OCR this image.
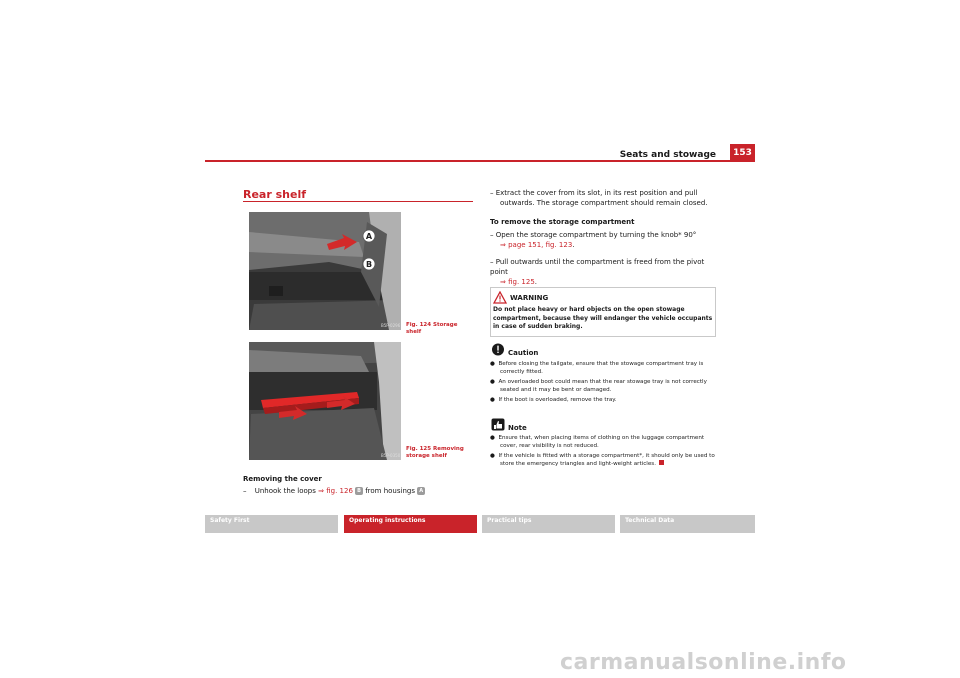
Seats and stowage	153
Rear shelf
A
B
B5P-0296 Fig. 124 Storage shelf
B5P-0350
Fig. 125 Removing storage shelf
Removing the cover
– Unhook the loops ⇒ fig. 126 B from housings A
– Extract the cover from its slot, in its rest position and pull
outwards. The storage compartment should remain closed.
To remove the storage compartment
– Open the storage compartment by turning the knob* 90°
⇒ page 151, fig. 123.
– Pull outwards until the compartment is freed from the pivot point
⇒ fig. 125.
WARNING
Do not place heavy or hard objects on the open stowage compartment, because they will endanger the vehicle occupants in case of sudden braking.
Caution
●  Before closing the tailgate, ensure that the stowage compartment tray is correctly fitted.
●  An overloaded boot could mean that the rear stowage tray is not correctly seated and it may be bent or damaged.
●  If the boot is overloaded, remove the tray.
Note
●  Ensure that, when placing items of clothing on the luggage compartment cover, rear visibility is not reduced.
●  If the vehicle is fitted with a storage compartment*, it should only be used to store the emergency triangles and light-weight articles.
Safety First	Operating instructions	Practical tips	Technical Data
carmanualsonline.info
